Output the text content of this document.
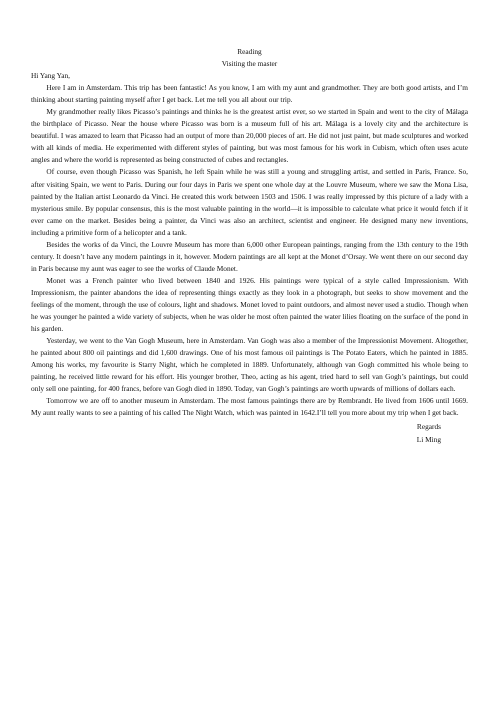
Reading

Visiting the master

Hi Yang Yan,

Here I am in Amsterdam. This trip has been fantastic! As you know, I am with my aunt and grandmother. They are both good artists, and I’m thinking about starting painting myself after I get back. Let me tell you all about our trip.

My grandmother really likes Picasso’s paintings and thinks he is the greatest artist ever, so we started in Spain and went to the city of Málaga the birthplace of Picasso. Near the house where Picasso was born is a museum full of his art. Málaga is a lovely city and the architecture is beautiful. I was amazed to learn that Picasso had an output of more than 20,000 pieces of art. He did not just paint, but made sculptures and worked with all kinds of media. He experimented with different styles of painting, but was most famous for his work in Cubism, which often uses acute angles and where the world is represented as being constructed of cubes and rectangles.

Of course, even though Picasso was Spanish, he left Spain while he was still a young and struggling artist, and settled in Paris, France. So, after visiting Spain, we went to Paris. During our four days in Paris we spent one whole day at the Louvre Museum, where we saw the Mona Lisa, painted by the Italian artist Leonardo da Vinci. He created this work between 1503 and 1506. I was really impressed by this picture of a lady with a mysterious smile. By popular consensus, this is the most valuable painting in the world—it is impossible to calculate what price it would fetch if it ever came on the market. Besides being a painter, da Vinci was also an architect, scientist and engineer. He designed many new inventions, including a primitive form of a helicopter and a tank.

Besides the works of da Vinci, the Louvre Museum has more than 6,000 other European paintings, ranging from the 13th century to the 19th century. It doesn’t have any modern paintings in it, however. Modern paintings are all kept at the Monet d’Orsay. We went there on our second day in Paris because my aunt was eager to see the works of Claude Monet.

Monet was a French painter who lived between 1840 and 1926. His paintings were typical of a style called Impressionism. With Impressionism, the painter abandons the idea of representing things exactly as they look in a photograph, but seeks to show movement and the feelings of the moment, through the use of colours, light and shadows. Monet loved to paint outdoors, and almost never used a studio. Though when he was younger he painted a wide variety of subjects, when he was older he most often painted the water lilies floating on the surface of the pond in his garden.

Yesterday, we went to the Van Gogh Museum, here in Amsterdam. Van Gogh was also a member of the Impressionist Movement. Altogether, he painted about 800 oil paintings and did 1,600 drawings. One of his most famous oil paintings is The Potato Eaters, which he painted in 1885. Among his works, my favourite is Starry Night, which he completed in 1889. Unfortunately, although van Gogh committed his whole being to painting, he received little reward for his effort. His younger brother, Theo, acting as his agent, tried hard to sell van Gogh’s paintings, but could only sell one painting, for 400 francs, before van Gogh died in 1890. Today, van Gogh’s paintings are worth upwards of millions of dollars each.

Tomorrow we are off to another museum in Amsterdam. The most famous paintings there are by Rembrandt. He lived from 1606 until 1669. My aunt really wants to see a painting of his called The Night Watch, which was painted in 1642.I’ll tell you more about my trip when I get back.

Regards

Li Ming
